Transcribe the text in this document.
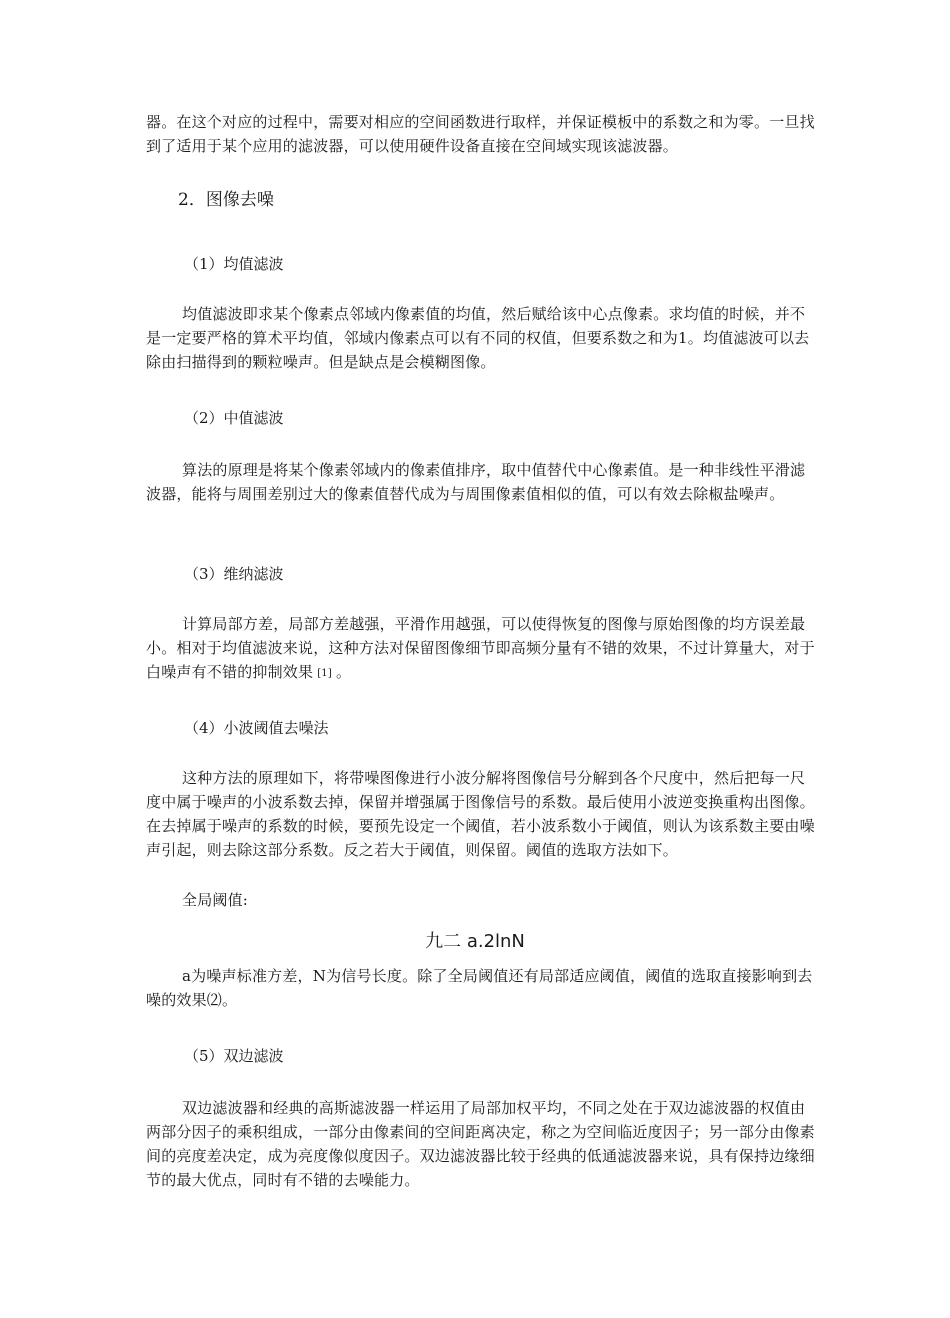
器。在这个对应的过程中，需要对相应的空间函数进行取样，并保证模板中的系数之和为零。一旦找到了适用于某个应用的滤波器，可以使用硬件设备直接在空间域实现该滤波器。

2．图像去噪

（1）均值滤波

均值滤波即求某个像素点邻域内像素值的均值，然后赋给该中心点像素。求均值的时候，并不是一定要严格的算术平均值，邻域内像素点可以有不同的权值，但要系数之和为1。均值滤波可以去除由扫描得到的颗粒噪声。但是缺点是会模糊图像。

（2）中值滤波

算法的原理是将某个像素邻域内的像素值排序，取中值替代中心像素值。是一种非线性平滑滤波器，能将与周围差别过大的像素值替代成为与周围像素值相似的值，可以有效去除椒盐噪声。

（3）维纳滤波

计算局部方差，局部方差越强，平滑作用越强，可以使得恢复的图像与原始图像的均方误差最小。相对于均值滤波来说，这种方法对保留图像细节即高频分量有不错的效果，不过计算量大，对于白噪声有不错的抑制效果 [1] 。

（4）小波阈值去噪法

这种方法的原理如下，将带噪图像进行小波分解将图像信号分解到各个尺度中，然后把每一尺度中属于噪声的小波系数去掉，保留并增强属于图像信号的系数。最后使用小波逆变换重构出图像。在去掉属于噪声的系数的时候，要预先设定一个阈值，若小波系数小于阈值，则认为该系数主要由噪声引起，则去除这部分系数。反之若大于阈值，则保留。阈值的选取方法如下。

全局阈值:

九二 a.2lnN

a为噪声标准方差，N为信号长度。除了全局阈值还有局部适应阈值，阈值的选取直接影响到去噪的效果⑵。

（5）双边滤波

双边滤波器和经典的高斯滤波器一样运用了局部加权平均，不同之处在于双边滤波器的权值由两部分因子的乘积组成，一部分由像素间的空间距离决定，称之为空间临近度因子；另一部分由像素间的亮度差决定，成为亮度像似度因子。双边滤波器比较于经典的低通滤波器来说，具有保持边缘细节的最大优点，同时有不错的去噪能力。
